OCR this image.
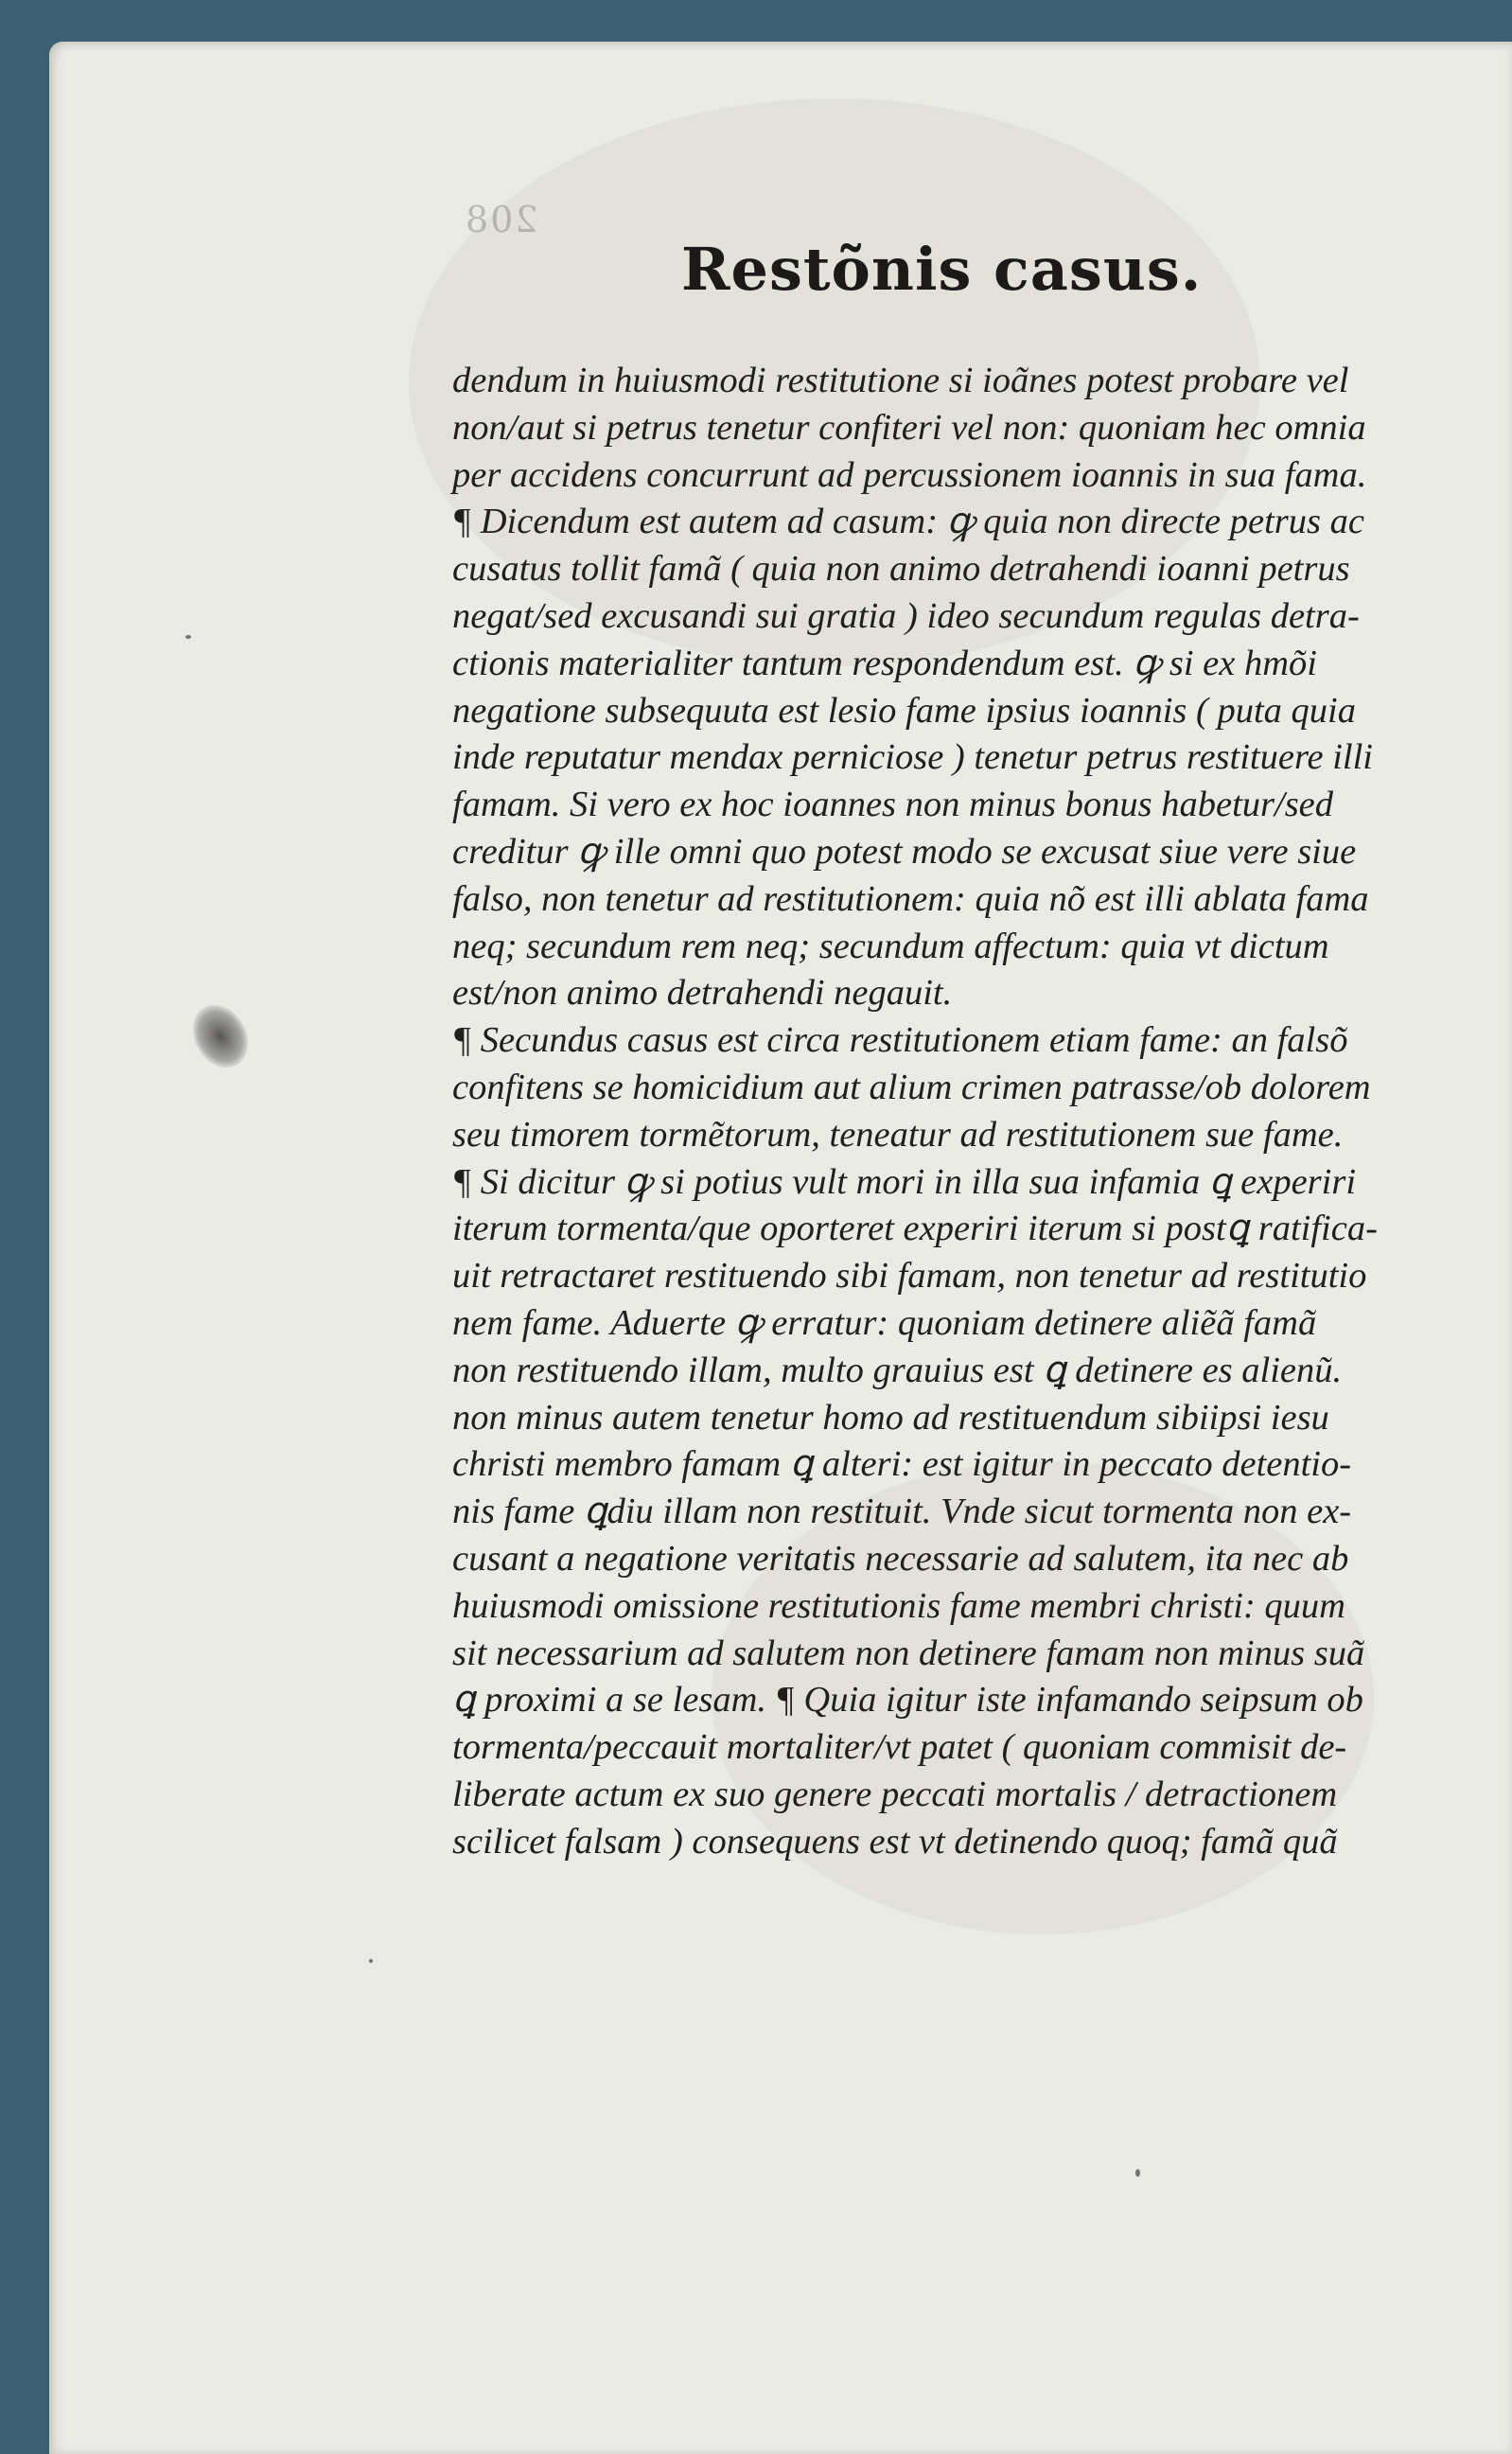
208
Restõnis casus.
dendum in huiusmodi restitutione si ioãnes potest probare vel
non/aut si petrus tenetur confiteri vel non: quoniam hec omnia
per accidens concurrunt ad percussionem ioannis in sua fama.
¶ Dicendum est autem ad casum: ꝙ quia non directe petrus ac
cusatus tollit famã ( quia non animo detrahendi ioanni petrus
negat/sed excusandi sui gratia ) ideo secundum regulas detra-
ctionis materialiter tantum respondendum est. ꝙ si ex hmõi
negatione subsequuta est lesio fame ipsius ioannis ( puta quia
inde reputatur mendax perniciose ) tenetur petrus restituere illi
famam. Si vero ex hoc ioannes non minus bonus habetur/sed
creditur ꝙ ille omni quo potest modo se excusat siue vere siue
falso, non tenetur ad restitutionem: quia nõ est illi ablata fama
neq; secundum rem neq; secundum affectum: quia vt dictum
est/non animo detrahendi negauit.
¶ Secundus casus est circa restitutionem etiam fame: an falsõ
confitens se homicidium aut alium crimen patrasse/ob dolorem
seu timorem tormẽtorum, teneatur ad restitutionem sue fame.
¶ Si dicitur ꝙ si potius vult mori in illa sua infamia ꝗ experiri
iterum tormenta/que oporteret experiri iterum si postꝗ ratifica-
uit retractaret restituendo sibi famam, non tenetur ad restitutio
nem fame. Aduerte ꝙ erratur: quoniam detinere aliẽã famã
non restituendo illam, multo grauius est ꝗ detinere es alienũ.
non minus autem tenetur homo ad restituendum sibiipsi iesu
christi membro famam ꝗ alteri: est igitur in peccato detentio-
nis fame ꝗdiu illam non restituit. Vnde sicut tormenta non ex-
cusant a negatione veritatis necessarie ad salutem, ita nec ab
huiusmodi omissione restitutionis fame membri christi: quum
sit necessarium ad salutem non detinere famam non minus suã
ꝗ proximi a se lesam. ¶ Quia igitur iste infamando seipsum ob
tormenta/peccauit mortaliter/vt patet ( quoniam commisit de-
liberate actum ex suo genere peccati mortalis / detractionem
scilicet falsam ) consequens est vt detinendo quoq; famã quã
